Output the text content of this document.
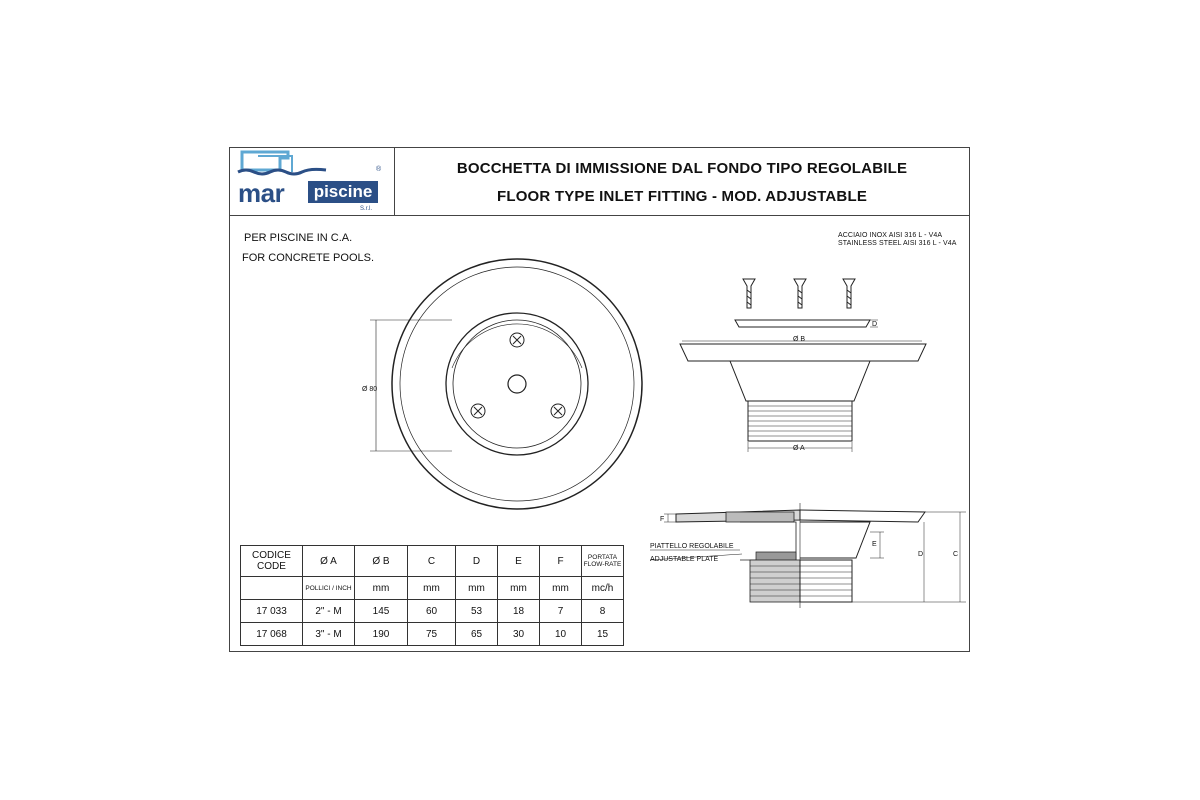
mar	piscine
S.r.l.
®	BOCCHETTA DI IMMISSIONE DAL FONDO TIPO REGOLABILE
FLOOR TYPE INLET FITTING - MOD. ADJUSTABLE
PER PISCINE IN C.A.
FOR CONCRETE POOLS.
ACCIAIO INOX AISI 316 L - V4A
STAINLESS STEEL AISI 316 L - V4A
Ø 80
Ø B
Ø A
D
F
E
D	C
PIATTELLO REGOLABILE
ADJUSTABLE PLATE
CODICE CODE	Ø A	Ø B	C	D	E	F	PORTATA FLOW-RATE
	POLLICI / INCH	mm	mm	mm	mm	mm	mc/h
17 033	2" - M	145	60	53	18	7	8
17 068	3" - M	190	75	65	30	10	15
